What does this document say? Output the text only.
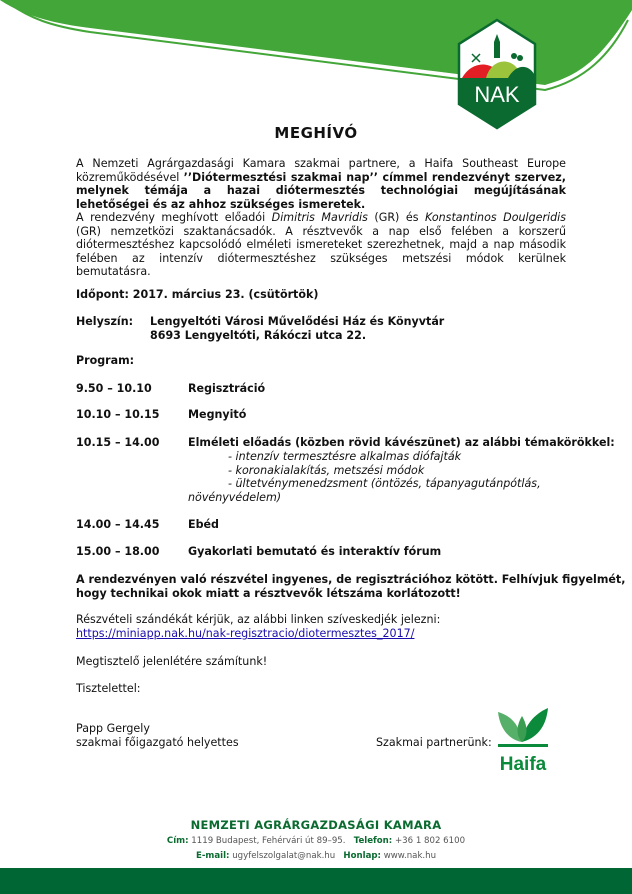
NAK
MEGHÍVÓ
A Nemzeti Agrárgazdasági Kamara szakmai partnere, a Haifa Southeast Europe közreműködésével ’’Diótermesztési szakmai nap’’ címmel rendezvényt szervez, melynek témája a hazai diótermesztés technológiai megújításának lehetőségei és az ahhoz szükséges ismeretek.
A rendezvény meghívott előadói Dimitris Mavridis (GR) és Konstantinos Doulgeridis (GR) nemzetközi szaktanácsadók. A résztvevők a nap első felében a korszerű diótermesztéshez kapcsolódó elméleti ismereteket szerezhetnek, majd a nap második felében az intenzív diótermesztéshez szükséges metszési módok kerülnek bemutatásra.
Időpont: 2017. március 23. (csütörtök)
Helyszín: Lengyeltóti Városi Művelődési Ház és Könyvtár
8693 Lengyeltóti, Rákóczi utca 22.
Program:
9.50 – 10.10	Regisztráció
10.10 – 10.15	Megnyitó
10.15 – 14.00	Elméleti előadás (közben rövid kávészünet) az alábbi témakörökkel:
- intenzív termesztésre alkalmas diófajták
- koronakialakítás, metszési módok
- ültetvénymenedzsment (öntözés, tápanyagutánpótlás,
növényvédelem)
14.00 – 14.45	Ebéd
15.00 – 18.00	Gyakorlati bemutató és interaktív fórum
A rendezvényen való részvétel ingyenes, de regisztrációhoz kötött. Felhívjuk figyelmét,
hogy technikai okok miatt a résztvevők létszáma korlátozott!
Részvételi szándékát kérjük, az alábbi linken szíveskedjék jelezni:
https://miniapp.nak.hu/nak-regisztracio/diotermesztes_2017/
Megtisztelő jelenlétére számítunk!
Tisztelettel:
Papp Gergely
szakmai főigazgató helyettes	Szakmai partnerünk:
Haifa
NEMZETI AGRÁRGAZDASÁGI KAMARA
Cím: 1119 Budapest, Fehérvári út 89–95. Telefon: +36 1 802 6100
E-mail: ugyfelszolgalat@nak.hu Honlap: www.nak.hu
